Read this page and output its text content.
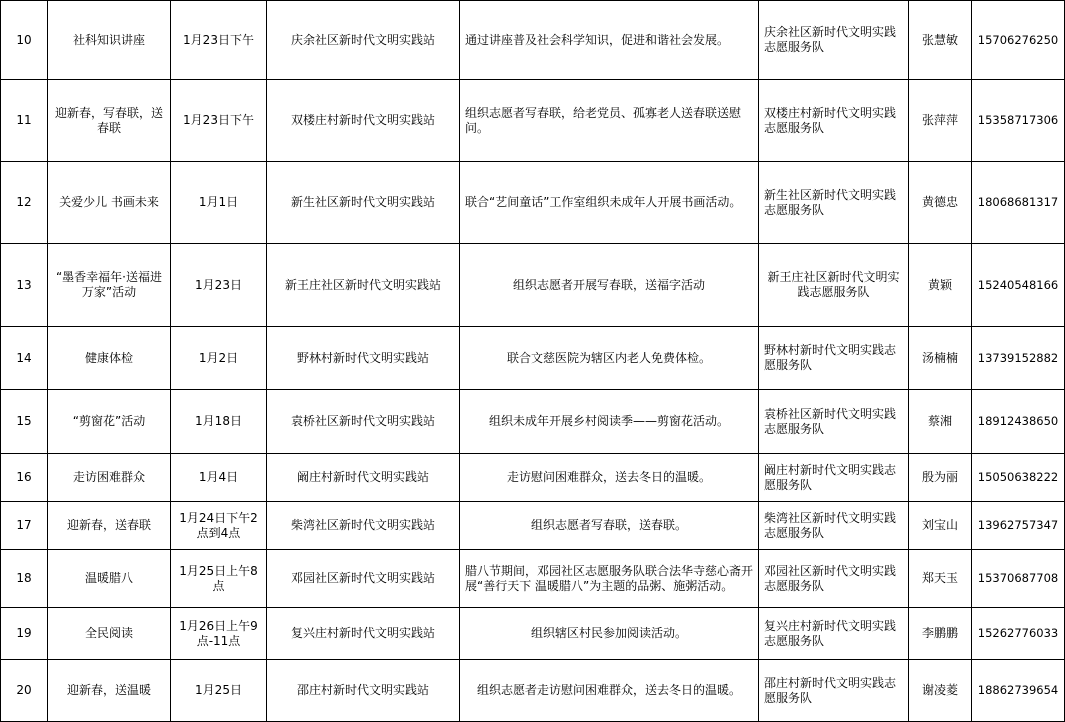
10	社科知识讲座	1月23日下午	庆余社区新时代文明实践站	通过讲座普及社会科学知识，促进和谐社会发展。	庆余社区新时代文明实践志愿服务队	张慧敏	15706276250
11	迎新春，写春联，送春联	1月23日下午	双楼庄村新时代文明实践站	组织志愿者写春联，给老党员、孤寡老人送春联送慰问。	双楼庄村新时代文明实践志愿服务队	张萍萍	15358717306
12	关爱少儿 书画未来	1月1日	新生社区新时代文明实践站	联合“艺间童话”工作室组织未成年人开展书画活动。	新生社区新时代文明实践志愿服务队	黄德忠	18068681317
13	“墨香幸福年·送福进万家”活动	1月23日	新王庄社区新时代文明实践站	组织志愿者开展写春联，送福字活动	新王庄社区新时代文明实践志愿服务队	黄颖	15240548166
14	健康体检	1月2日	野林村新时代文明实践站	联合文慈医院为辖区内老人免费体检。	野林村新时代文明实践志愿服务队	汤楠楠	13739152882
15	“剪窗花”活动	1月18日	袁桥社区新时代文明实践站	组织未成年开展乡村阅读季——剪窗花活动。	袁桥社区新时代文明实践志愿服务队	蔡湘	18912438650
16	走访困难群众	1月4日	阚庄村新时代文明实践站	走访慰问困难群众，送去冬日的温暖。	阚庄村新时代文明实践志愿服务队	殷为丽	15050638222
17	迎新春，送春联	1月24日下午2点到4点	柴湾社区新时代文明实践站	组织志愿者写春联，送春联。	柴湾社区新时代文明实践志愿服务队	刘宝山	13962757347
18	温暖腊八	1月25日上午8点	邓园社区新时代文明实践站	腊八节期间，邓园社区志愿服务队联合法华寺慈心斋开展“善行天下 温暖腊八”为主题的品粥、施粥活动。	邓园社区新时代文明实践志愿服务队	郑天玉	15370687708
19	全民阅读	1月26日上午9点-11点	复兴庄村新时代文明实践站	组织辖区村民参加阅读活动。	复兴庄村新时代文明实践志愿服务队	李鹏鹏	15262776033
20	迎新春，送温暖	1月25日	邵庄村新时代文明实践站	组织志愿者走访慰问困难群众，送去冬日的温暖。	邵庄村新时代文明实践志愿服务队	谢凌菱	18862739654
